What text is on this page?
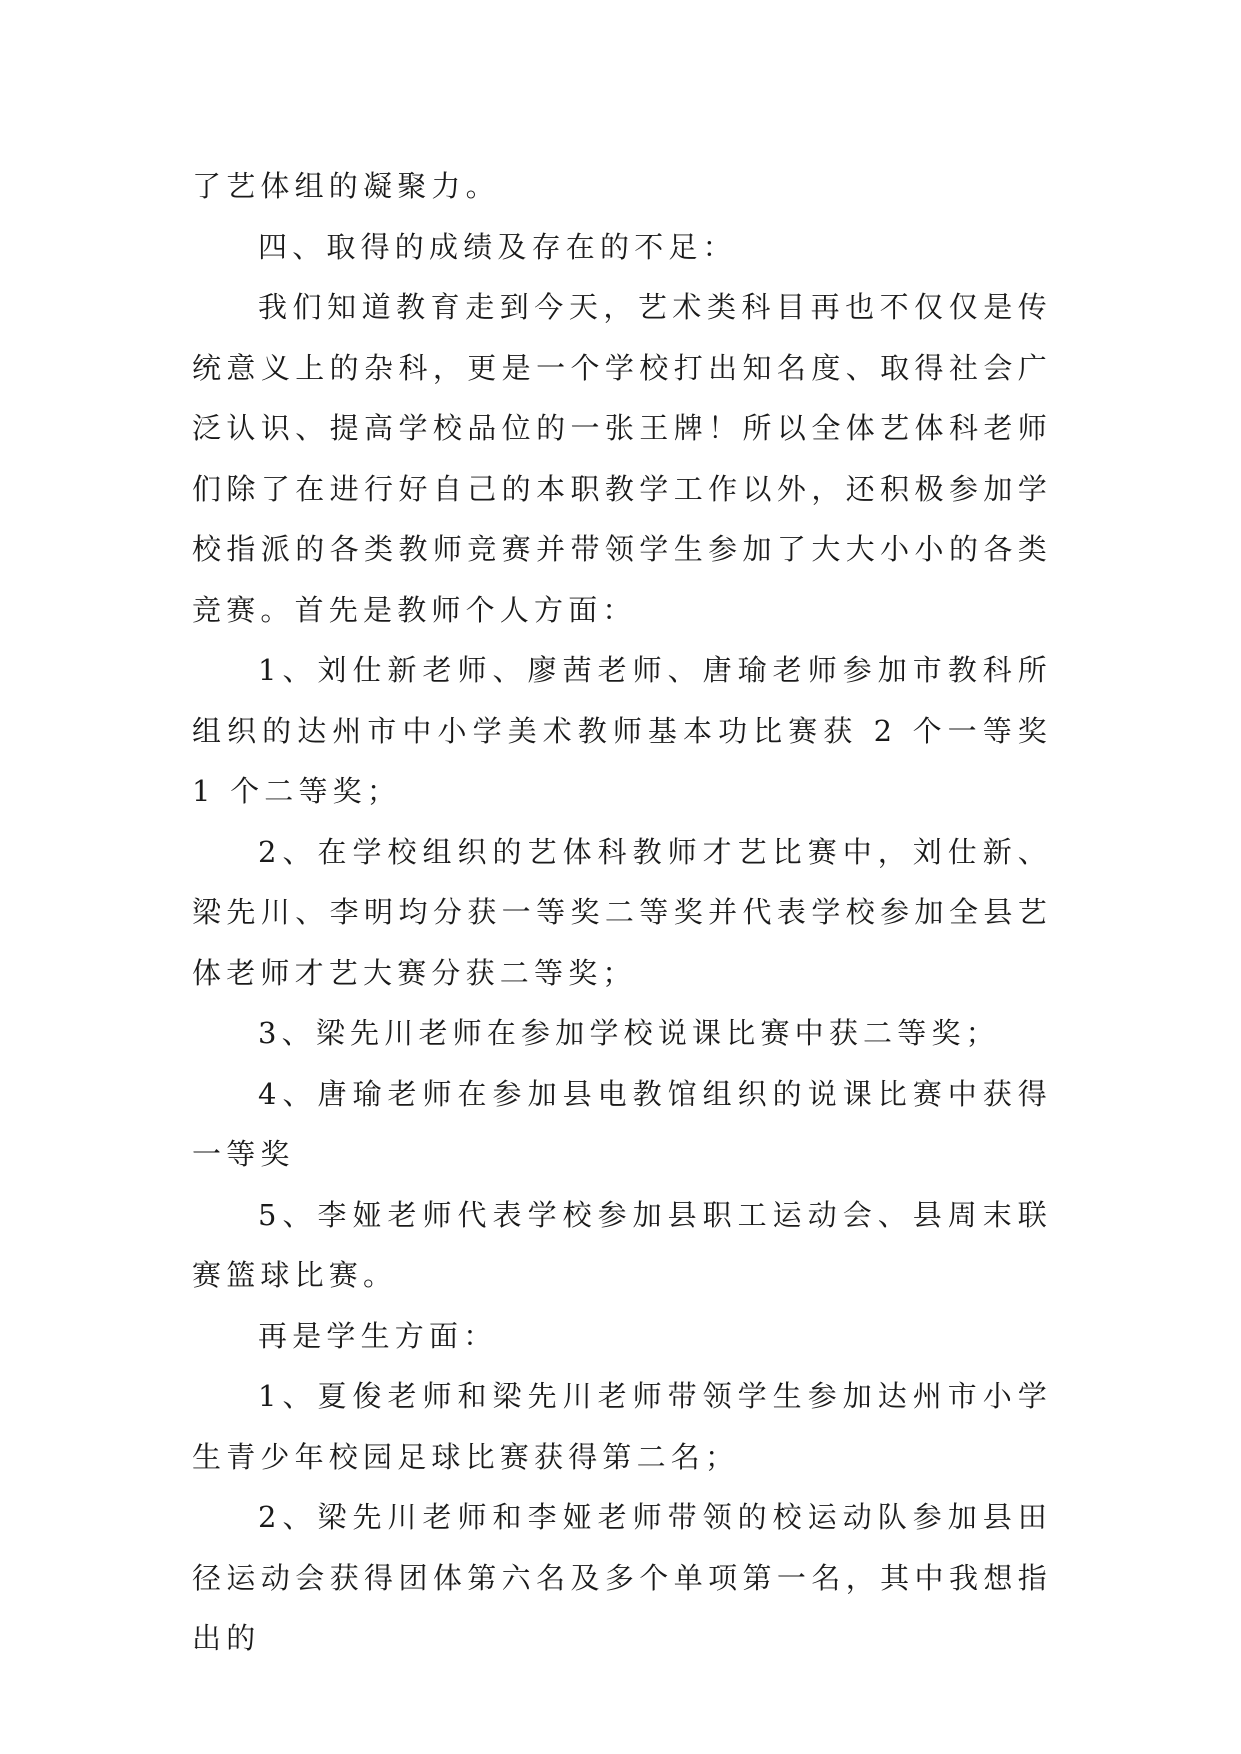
了艺体组的凝聚力。

四、取得的成绩及存在的不足：

我们知道教育走到今天，艺术类科目再也不仅仅是传统意义上的杂科，更是一个学校打出知名度、取得社会广泛认识、提高学校品位的一张王牌！所以全体艺体科老师们除了在进行好自己的本职教学工作以外，还积极参加学校指派的各类教师竞赛并带领学生参加了大大小小的各类竞赛。首先是教师个人方面：

1、刘仕新老师、廖茜老师、唐瑜老师参加市教科所组织的达州市中小学美术教师基本功比赛获 2 个一等奖 1 个二等奖；

2、在学校组织的艺体科教师才艺比赛中，刘仕新、梁先川、李明均分获一等奖二等奖并代表学校参加全县艺体老师才艺大赛分获二等奖；

3、梁先川老师在参加学校说课比赛中获二等奖；

4、唐瑜老师在参加县电教馆组织的说课比赛中获得一等奖

5、李娅老师代表学校参加县职工运动会、县周末联赛篮球比赛。

再是学生方面：

1、夏俊老师和梁先川老师带领学生参加达州市小学生青少年校园足球比赛获得第二名；

2、梁先川老师和李娅老师带领的校运动队参加县田径运动会获得团体第六名及多个单项第一名，其中我想指出的
